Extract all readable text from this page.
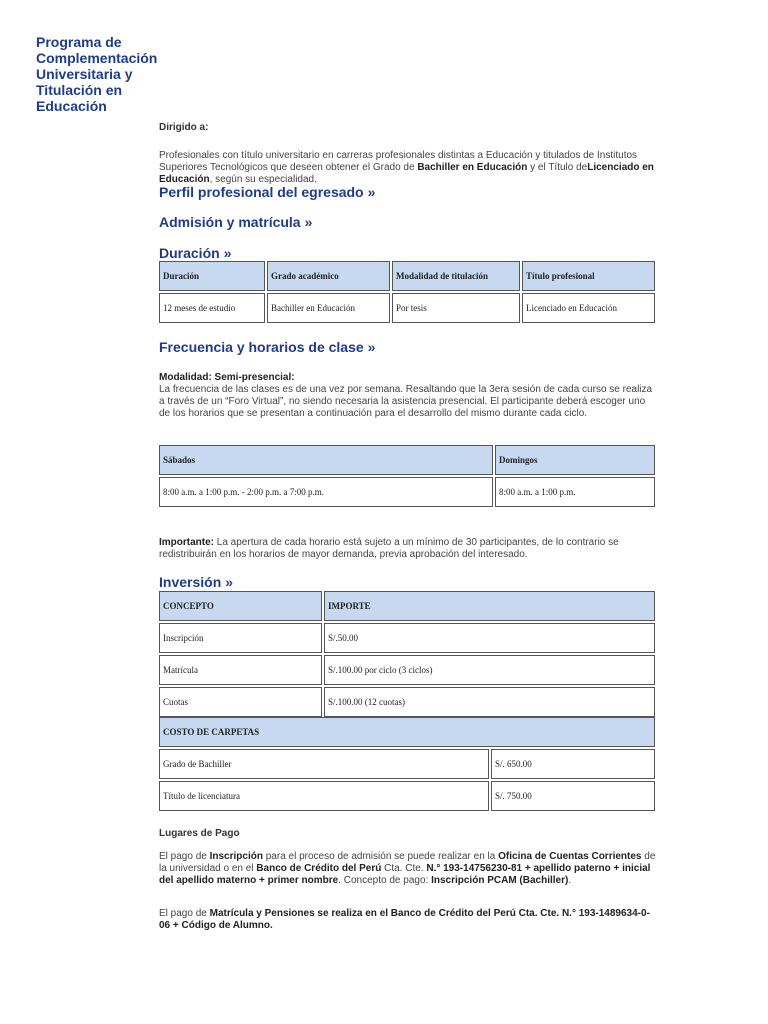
Programa de Complementación Universitaria y Titulación en Educación
Dirigido a:
Profesionales con título universitario en carreras profesionales distintas a Educación y titulados de Institutos Superiores Tecnológicos que deseen obtener el Grado de Bachiller en Educación y el Título deLicenciado en Educación, según su especialidad.
Perfil profesional del egresado »
Admisión y matrícula »
Duración »
Duración	Grado académico	Modalidad de titulación	Título profesional
12 meses de estudio	Bachiller en Educación	Por tesis	Licenciado en Educación
Frecuencia y horarios de clase »
Modalidad: Semi-presencial:
La frecuencia de las clases es de una vez por semana. Resaltando que la 3era sesión de cada curso se realiza a través de un “Foro Virtual”, no siendo necesaria la asistencia presencial. El participante deberá escoger uno de los horarios que se presentan a continuación para el desarrollo del mismo durante cada ciclo.
Sábados	Domingos
8:00 a.m. a 1:00 p.m. - 2:00 p.m. a 7:00 p.m.	8:00 a.m. a 1:00 p.m.
Importante: La apertura de cada horario está sujeto a un mínimo de 30 participantes, de lo contrario se redistribuirán en los horarios de mayor demanda, previa aprobación del interesado.
Inversión »
CONCEPTO	IMPORTE
Inscripción	S/.50.00
Matrícula	S/.100.00 por ciclo (3 ciclos)
Cuotas	S/.100.00 (12 cuotas)
COSTO DE CARPETAS	
Grado de Bachiller	S/. 650.00
Título de licenciatura	S/. 750.00
Lugares de Pago
El pago de Inscripción para el proceso de admisión se puede realizar en la Oficina de Cuentas Corrientes de la universidad o en el Banco de Crédito del Perú Cta. Cte. N.° 193-14756230-81 + apellido paterno + inicial del apellido materno + primer nombre. Concepto de pago: Inscripción PCAM (Bachiller).
El pago de Matrícula y Pensiones se realiza en el Banco de Crédito del Perú Cta. Cte. N.° 193-1489634-0-06 + Código de Alumno.
